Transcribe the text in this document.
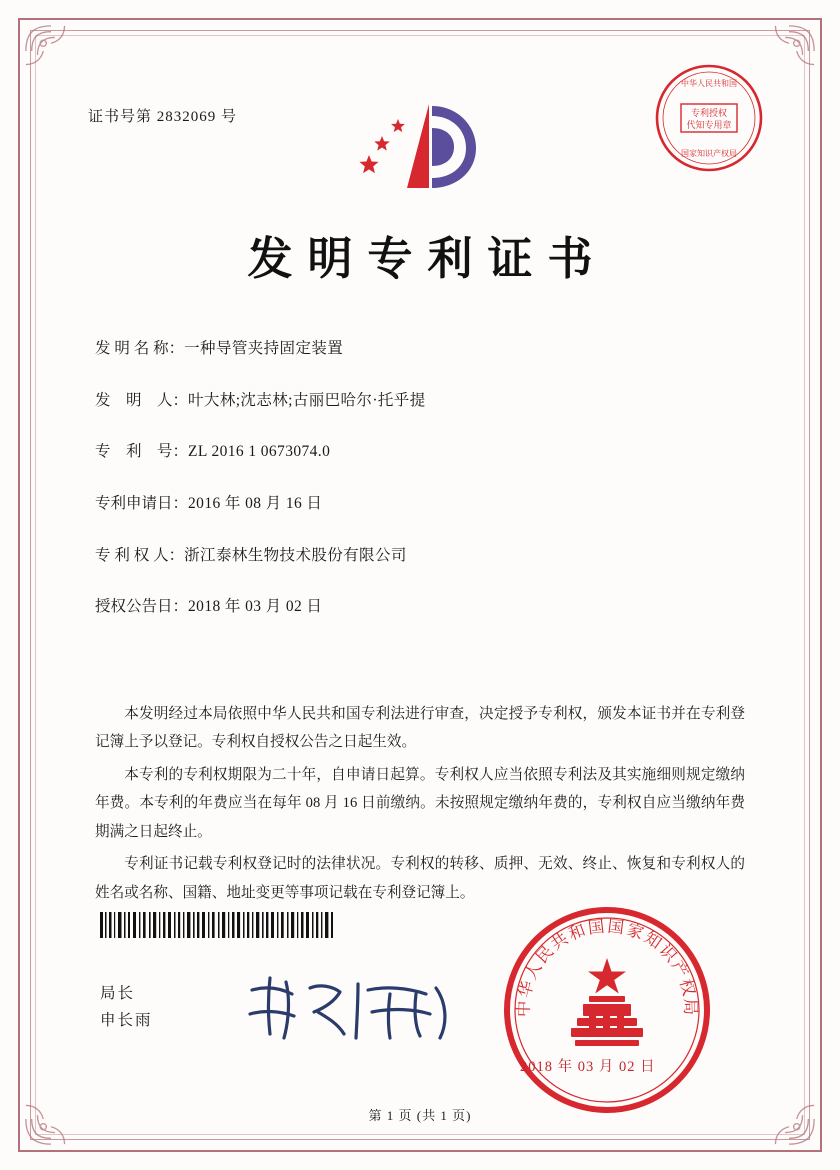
证书号第 2832069 号	专利授权
代知专用章
中华人民共和国
国家知识产权局
发明专利证书
发 明 名 称： 一种导管夹持固定装置
发　明　人： 叶大林;沈志林;古丽巴哈尔·托乎提
专　利　号： ZL 2016 1 0673074.0
专利申请日： 2016 年 08 月 16 日
专 利 权 人： 浙江泰林生物技术股份有限公司
授权公告日： 2018 年 03 月 02 日

本发明经过本局依照中华人民共和国专利法进行审查，决定授予专利权，颁发本证书并在专利登记簿上予以登记。专利权自授权公告之日起生效。

本专利的专利权期限为二十年，自申请日起算。专利权人应当依照专利法及其实施细则规定缴纳年费。本专利的年费应当在每年 08 月 16 日前缴纳。未按照规定缴纳年费的，专利权自应当缴纳年费期满之日起终止。

专利证书记载专利权登记时的法律状况。专利权的转移、质押、无效、终止、恢复和专利权人的姓名或名称、国籍、地址变更等事项记载在专利登记簿上。

局长
申长雨
中华人民共和国国家知识产权局
2018 年 03 月 02 日
第 1 页 (共 1 页)
